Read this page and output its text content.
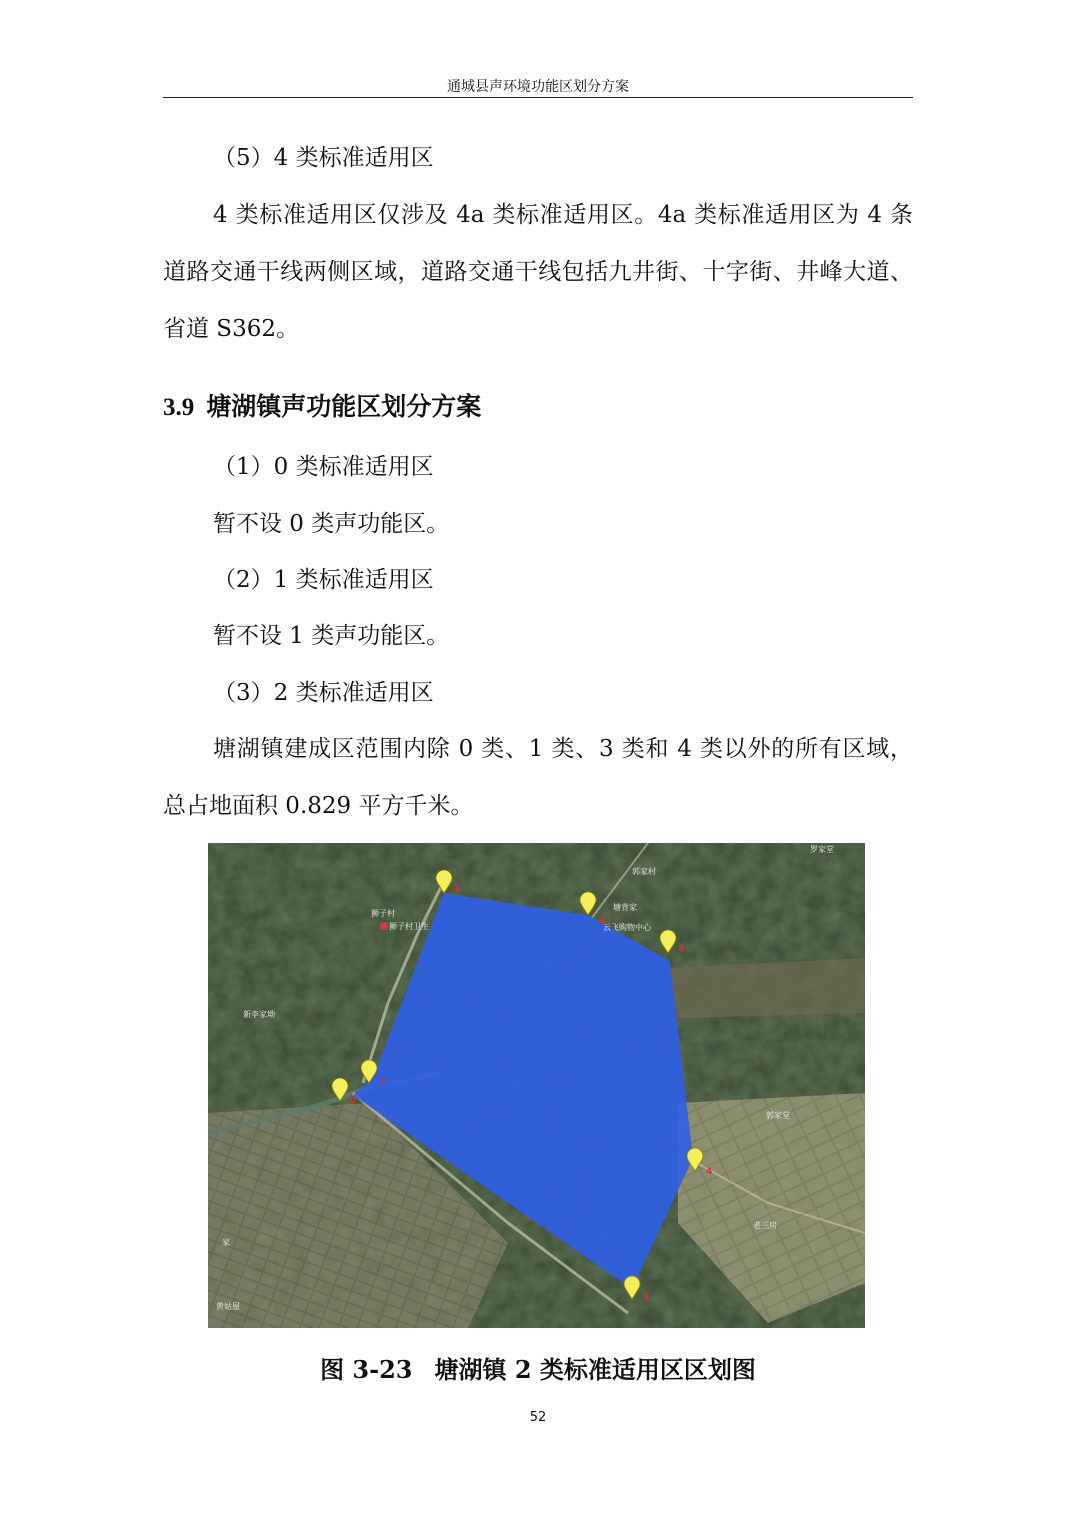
通城县声环境功能区划分方案

（5）4 类标准适用区

4 类标准适用区仅涉及 4a 类标准适用区。4a 类标准适用区为 4 条道路交通干线两侧区域，道路交通干线包括九井街、十字街、井峰大道、省道 S362。

3.9 塘湖镇声功能区划分方案

（1）0 类标准适用区

暂不设 0 类声功能区。

（2）1 类标准适用区

暂不设 1 类声功能区。

（3）2 类标准适用区

塘湖镇建成区范围内除 0 类、1 类、3 类和 4 类以外的所有区域，总占地面积 0.829 平方千米。

罗家堂
郭家村
塘背家
云飞购物中心
狮子村
狮子村卫生
新李家坳
郭家堂
老三房
家
黄姑屋
1
2
3
4
5
0
7
图 3-23 塘湖镇 2 类标准适用区区划图
52
